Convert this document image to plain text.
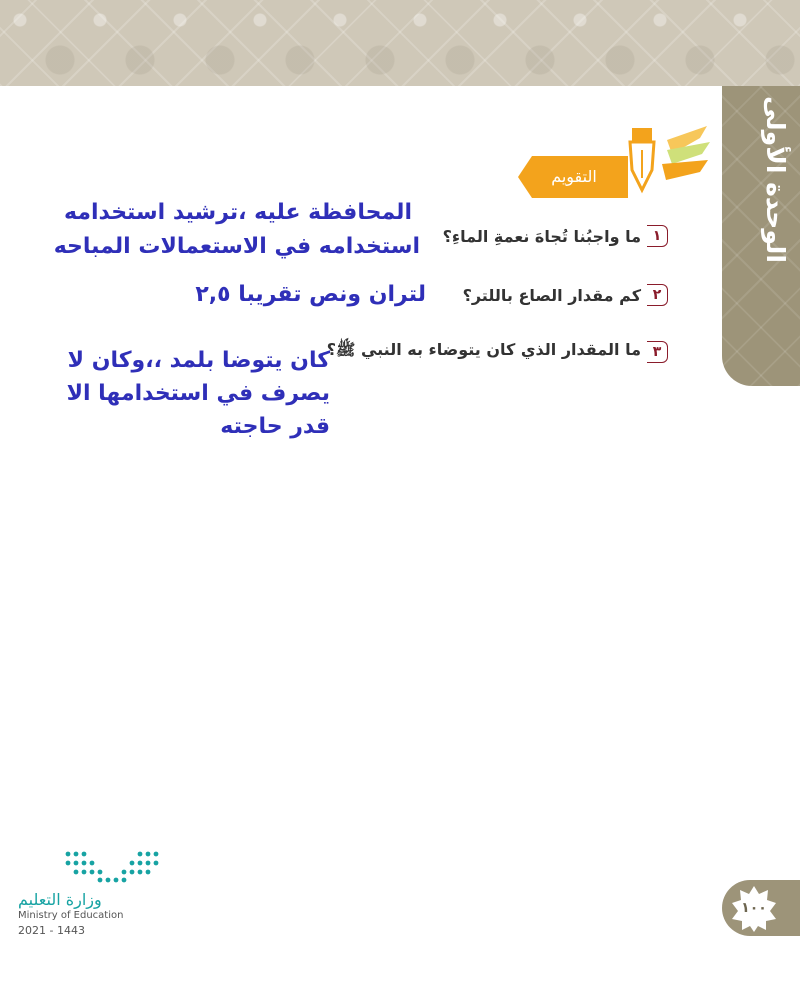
الوحدة الأولى
التقويم
١
ما واجبُنا تُجاهَ نعمةِ الماءِ؟
٢
كم مقدار الصاع باللتر؟
٣
ما المقدار الذي كان يتوضاء به النبي ﷺ؟
المحافظة عليه ،ترشيد استخدامه
استخدامه في الاستعمالات المباحه
لتران ونص تقريبا ٢,٥
كان يتوضا بلمد ،،وكان لا
يصرف في استخدامها الا
قدر حاجته
وزارة التعليم
Ministry of Education
2021 - 1443
١٠٠
